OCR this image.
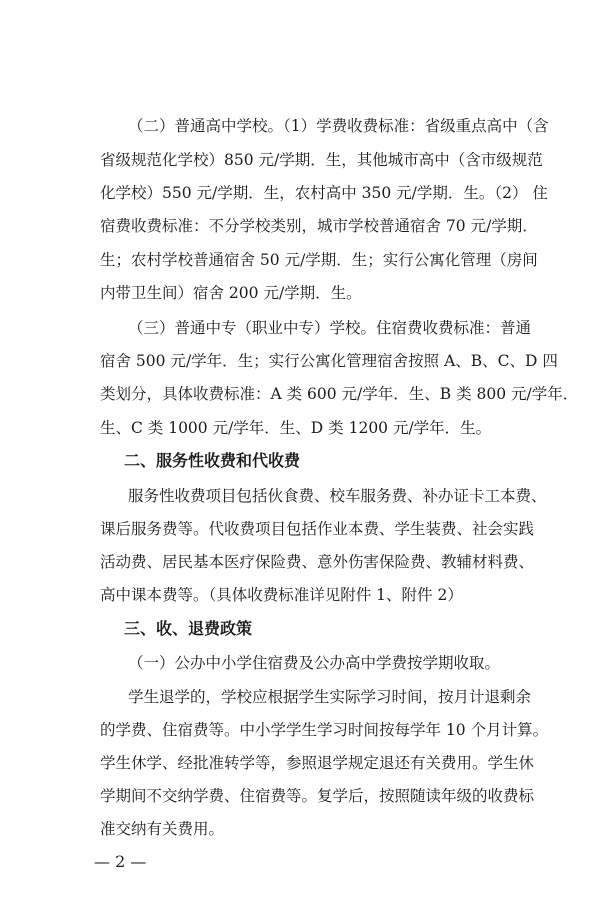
（二）普通高中学校。（1）学费收费标准：省级重点高中（含
省级规范化学校）850 元/学期．生，其他城市高中（含市级规范
化学校）550 元/学期．生，农村高中 350 元/学期．生。（2） 住
宿费收费标准：不分学校类别，城市学校普通宿舍 70 元/学期．
生；农村学校普通宿舍 50 元/学期．生；实行公寓化管理（房间
内带卫生间）宿舍 200 元/学期．生。
（三）普通中专（职业中专）学校。住宿费收费标准：普通
宿舍 500 元/学年．生；实行公寓化管理宿舍按照 A、B、C、D 四
类划分，具体收费标准：A 类 600 元/学年．生、B 类 800 元/学年．
生、C 类 1000 元/学年．生、D 类 1200 元/学年．生。
二、服务性收费和代收费
服务性收费项目包括伙食费、校车服务费、补办证卡工本费、
课后服务费等。代收费项目包括作业本费、学生装费、社会实践
活动费、居民基本医疗保险费、意外伤害保险费、教辅材料费、
高中课本费等。（具体收费标准详见附件 1、附件 2）
三、收、退费政策
（一）公办中小学住宿费及公办高中学费按学期收取。
学生退学的，学校应根据学生实际学习时间，按月计退剩余
的学费、住宿费等。中小学学生学习时间按每学年 10 个月计算。
学生休学、经批准转学等，参照退学规定退还有关费用。学生休
学期间不交纳学费、住宿费等。复学后，按照随读年级的收费标
准交纳有关费用。
— 2 —
